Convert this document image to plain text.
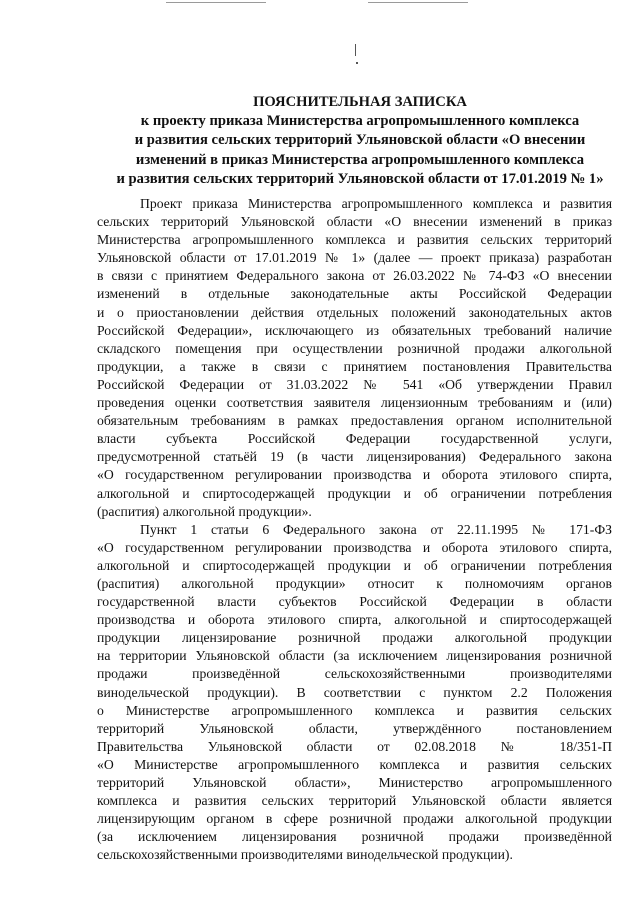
ПОЯСНИТЕЛЬНАЯ ЗАПИСКА
к проекту приказа Министерства агропромышленного комплекса
и развития сельских территорий Ульяновской области «О внесении
изменений в приказ Министерства агропромышленного комплекса
и развития сельских территорий Ульяновской области от 17.01.2019 № 1»
Проект приказа Министерства агропромышленного комплекса и развития
сельских территорий Ульяновской области «О внесении изменений в приказ
Министерства агропромышленного комплекса и развития сельских территорий
Ульяновской области от 17.01.2019 № 1» (далее — проект приказа) разработан
в связи с принятием Федерального закона от 26.03.2022 № 74-ФЗ «О внесении
изменений в отдельные законодательные акты Российской Федерации
и о приостановлении действия отдельных положений законодательных актов
Российской Федерации», исключающего из обязательных требований наличие
складского помещения при осуществлении розничной продажи алкогольной
продукции, а также в связи с принятием постановления Правительства
Российской Федерации от 31.03.2022 № 541 «Об утверждении Правил
проведения оценки соответствия заявителя лицензионным требованиям и (или)
обязательным требованиям в рамках предоставления органом исполнительной
власти субъекта Российской Федерации государственной услуги,
предусмотренной статьёй 19 (в части лицензирования) Федерального закона
«О государственном регулировании производства и оборота этилового спирта,
алкогольной и спиртосодержащей продукции и об ограничении потребления
(распития) алкогольной продукции».
Пункт 1 статьи 6 Федерального закона от 22.11.1995 № 171-ФЗ
«О государственном регулировании производства и оборота этилового спирта,
алкогольной и спиртосодержащей продукции и об ограничении потребления
(распития) алкогольной продукции» относит к полномочиям органов
государственной власти субъектов Российской Федерации в области
производства и оборота этилового спирта, алкогольной и спиртосодержащей
продукции лицензирование розничной продажи алкогольной продукции
на территории Ульяновской области (за исключением лицензирования розничной
продажи произведённой сельскохозяйственными производителями
винодельческой продукции). В соответствии с пунктом 2.2 Положения
о Министерстве агропромышленного комплекса и развития сельских
территорий Ульяновской области, утверждённого постановлением
Правительства Ульяновской области от 02.08.2018 № 18/351-П
«О Министерстве агропромышленного комплекса и развития сельских
территорий Ульяновской области», Министерство агропромышленного
комплекса и развития сельских территорий Ульяновской области является
лицензирующим органом в сфере розничной продажи алкогольной продукции
(за исключением лицензирования розничной продажи произведённой
сельскохозяйственными производителями винодельческой продукции).
